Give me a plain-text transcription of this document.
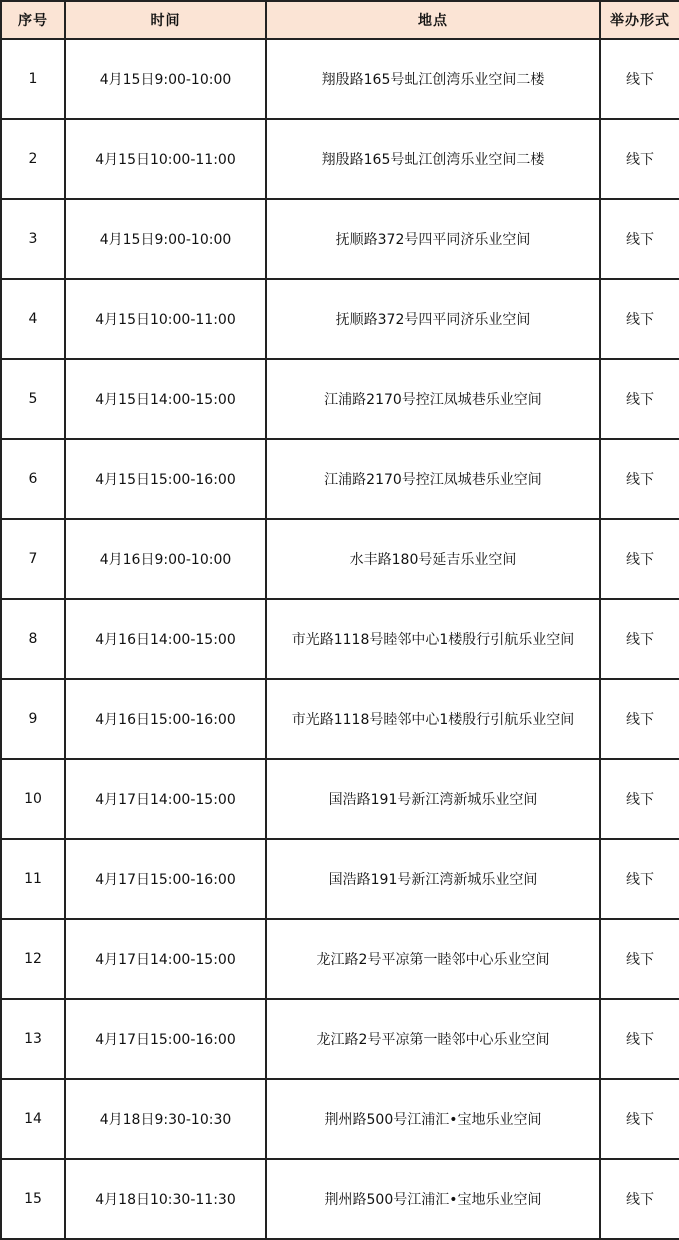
序号	时间	地点	举办形式
1	4月15日9:00-10:00	翔殷路165号虬江创湾乐业空间二楼	线下
2	4月15日10:00-11:00	翔殷路165号虬江创湾乐业空间二楼	线下
3	4月15日9:00-10:00	抚顺路372号四平同济乐业空间	线下
4	4月15日10:00-11:00	抚顺路372号四平同济乐业空间	线下
5	4月15日14:00-15:00	江浦路2170号控江凤城巷乐业空间	线下
6	4月15日15:00-16:00	江浦路2170号控江凤城巷乐业空间	线下
7	4月16日9:00-10:00	水丰路180号延吉乐业空间	线下
8	4月16日14:00-15:00	市光路1118号睦邻中心1楼殷行引航乐业空间	线下
9	4月16日15:00-16:00	市光路1118号睦邻中心1楼殷行引航乐业空间	线下
10	4月17日14:00-15:00	国浩路191号新江湾新城乐业空间	线下
11	4月17日15:00-16:00	国浩路191号新江湾新城乐业空间	线下
12	4月17日14:00-15:00	龙江路2号平凉第一睦邻中心乐业空间	线下
13	4月17日15:00-16:00	龙江路2号平凉第一睦邻中心乐业空间	线下
14	4月18日9:30-10:30	荆州路500号江浦汇•宝地乐业空间	线下
15	4月18日10:30-11:30	荆州路500号江浦汇•宝地乐业空间	线下
